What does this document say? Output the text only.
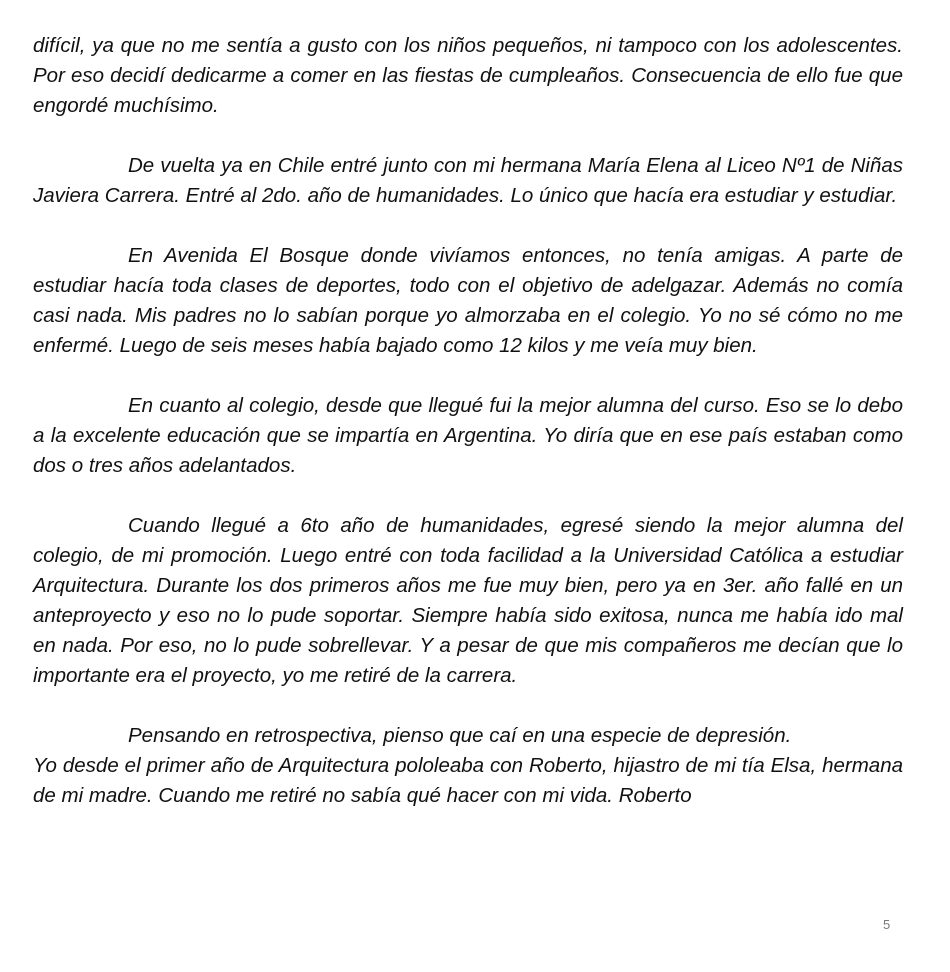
difícil, ya que no me sentía a gusto con los niños pequeños, ni tampoco con los adolescentes. Por eso decidí dedicarme a comer en las fiestas de cumpleaños. Consecuencia de ello fue que engordé muchísimo.

De vuelta ya en Chile entré junto con mi hermana María Elena al Liceo Nº1 de Niñas Javiera Carrera. Entré al 2do. año de humanidades. Lo único que hacía era estudiar y estudiar.

En Avenida El Bosque donde vivíamos entonces, no tenía amigas. A parte de estudiar hacía toda clases de deportes, todo con el objetivo de adelgazar. Además no comía casi nada. Mis padres no lo sabían porque yo almorzaba en el colegio. Yo no sé cómo no me enfermé. Luego de seis meses había bajado como 12 kilos y me veía muy bien.

En cuanto al colegio, desde que llegué fui la mejor alumna del curso. Eso se lo debo a la excelente educación que se impartía en Argentina. Yo diría que en ese país estaban como dos o tres años adelantados.

Cuando llegué a 6to año de humanidades, egresé siendo la mejor alumna del colegio, de mi promoción. Luego entré con toda facilidad a la Universidad Católica a estudiar Arquitectura. Durante los dos primeros años me fue muy bien, pero ya en 3er. año fallé en un anteproyecto y eso no lo pude soportar. Siempre había sido exitosa, nunca me había ido mal en nada. Por eso, no lo pude sobrellevar. Y a pesar de que mis compañeros me decían que lo importante era el proyecto, yo me retiré de la carrera.

Pensando en retrospectiva, pienso que caí en una especie de depresión.

Yo desde el primer año de Arquitectura pololeaba con Roberto, hijastro de mi tía Elsa, hermana de mi madre. Cuando me retiré no sabía qué hacer con mi vida. Roberto

5
